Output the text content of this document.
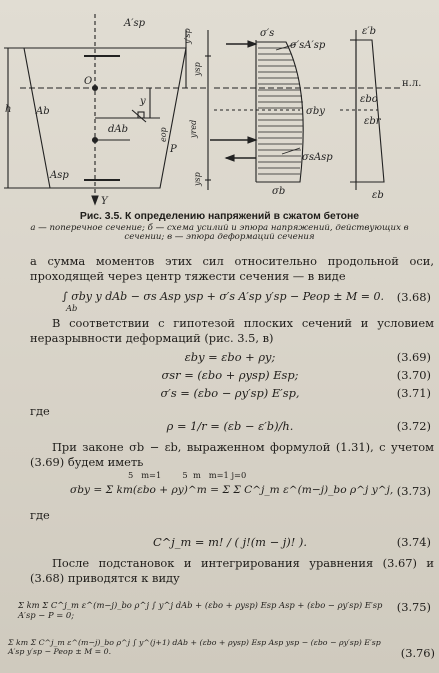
A′sp
y′sp
ysp
h
O
y
Ab
dAb	yred
eop
P
ysp
Asp
Y
σ′s
σ′sA′sp
σby
σb
σsAsp
ε′b
н.л.
εbo
εbr
εb
Рис. 3.5. К определению напряжений в сжатом бетоне
а — поперечное сечение; б — схема усилий и эпюра напряжений, действующих в сечении; в — эпюра деформаций сечения
а сумма моментов этих сил относительно продольной оси, проходящей через центр тяжести сечения — в виде
∫ σby y dAb − σs Asp ysp + σ′s A′sp y′sp − Peop ± M = 0.
Ab
(3.68)
В соответствии с гипотезой плоских сечений и условием неразрывности деформаций (рис. 3.5, в)
εby = εbo + ρy;	(3.69)
σsr = (εbo + ρysp) Esp;	(3.70)
σ′s = (εbo − ρy′sp) E′sp,	(3.71)
где
ρ = 1/r = (εb − ε′b)/h.	(3.72)
При законе σb − εb, выраженном формулой (1.31), с учетом (3.69) будем иметь
σby = Σ km(εbo + ρy)^m = Σ Σ C^j_m ε^(m−j)_bo ρ^j y^j,
5   m=1        5  m   m=1 j=0
(3.73)
где
C^j_m = m! / ( j!(m − j)! ).	(3.74)
После подстановок и интегрирования уравнения (3.67) и (3.68) приводятся к виду
Σ km Σ C^j_m ε^(m−j)_bo ρ^j ∫ y^j dAb + (εbo + ρysp) Esp Asp + (εbo − ρy′sp) E′sp A′sp − P = 0;
(3.75)
Σ km Σ C^j_m ε^(m−j)_bo ρ^j ∫ y^(j+1) dAb + (εbo + ρysp) Esp Asp ysp − (εbo − ρy′sp) E′sp A′sp y′sp − Peop ± M = 0.	(3.76)
